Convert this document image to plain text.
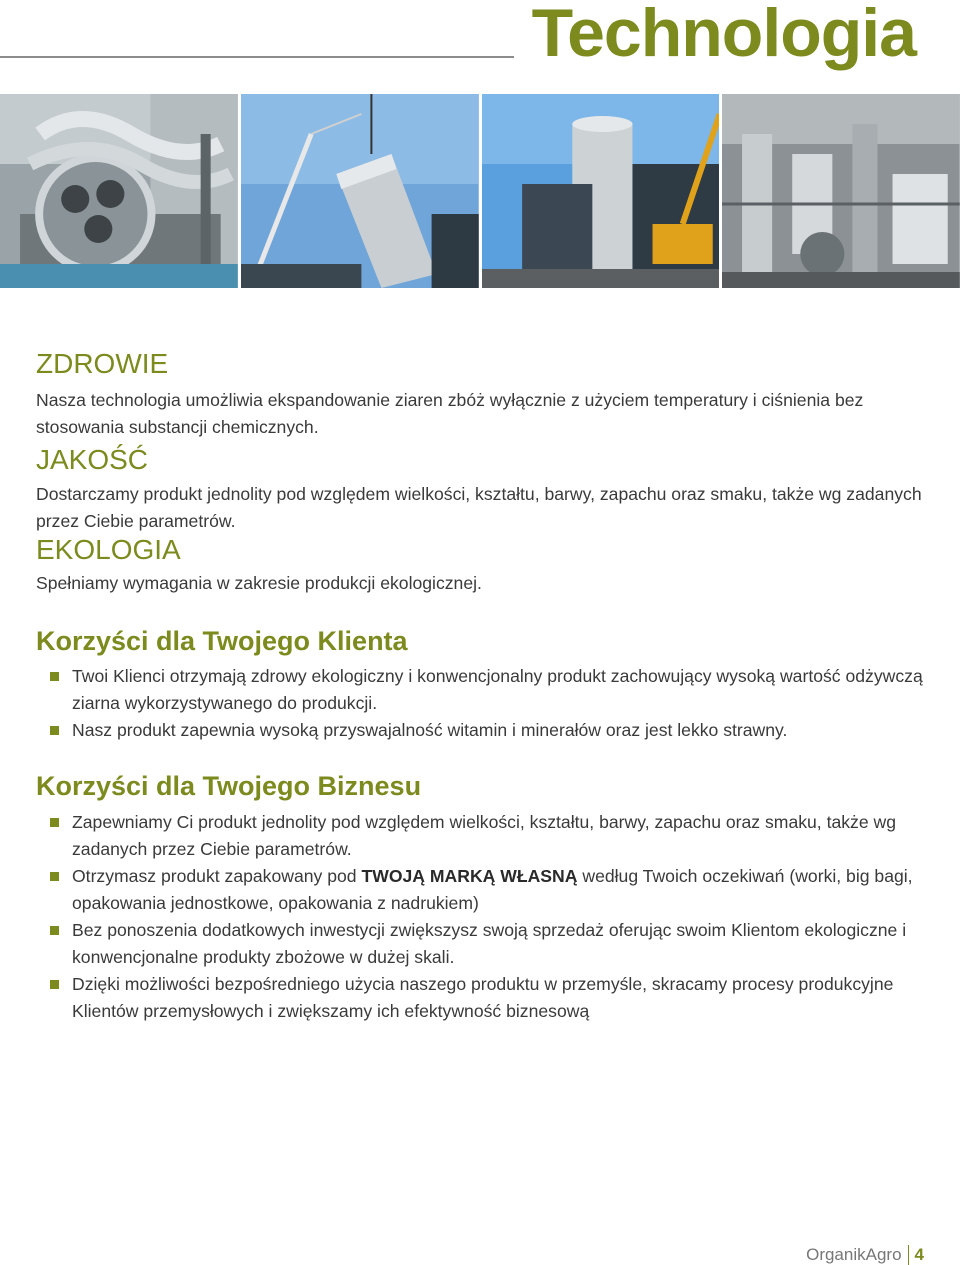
Technologia
ZDROWIE

Nasza technologia umożliwia ekspandowanie ziaren zbóż wyłącznie z użyciem temperatury i ciśnienia bez stosowania substancji chemicznych.

JAKOŚĆ

Dostarczamy produkt jednolity pod względem wielkości, kształtu, barwy, zapachu oraz smaku, także wg zadanych przez Ciebie parametrów.

EKOLOGIA

Spełniamy wymagania w zakresie produkcji ekologicznej.

Korzyści dla Twojego Klienta
Twoi Klienci otrzymają zdrowy ekologiczny i konwencjonalny produkt zachowujący wysoką wartość odżywczą ziarna wykorzystywanego do produkcji.
Nasz produkt zapewnia wysoką przyswajalność witamin i minerałów oraz jest lekko strawny.
Korzyści dla Twojego Biznesu
Zapewniamy Ci produkt jednolity pod względem wielkości, kształtu, barwy, zapachu oraz smaku, także wg zadanych przez Ciebie parametrów.
Otrzymasz produkt zapakowany pod TWOJĄ MARKĄ WŁASNĄ według Twoich oczekiwań (worki, big bagi, opakowania jednostkowe, opakowania z nadrukiem)
Bez ponoszenia dodatkowych inwestycji zwiększysz swoją sprzedaż oferując swoim Klientom ekologiczne i konwencjonalne produkty zbożowe w dużej skali.
Dzięki możliwości bezpośredniego użycia naszego produktu w przemyśle, skracamy procesy produkcyjne Klientów przemysłowych i zwiększamy ich efektywność biznesową
OrganikAgro 4
